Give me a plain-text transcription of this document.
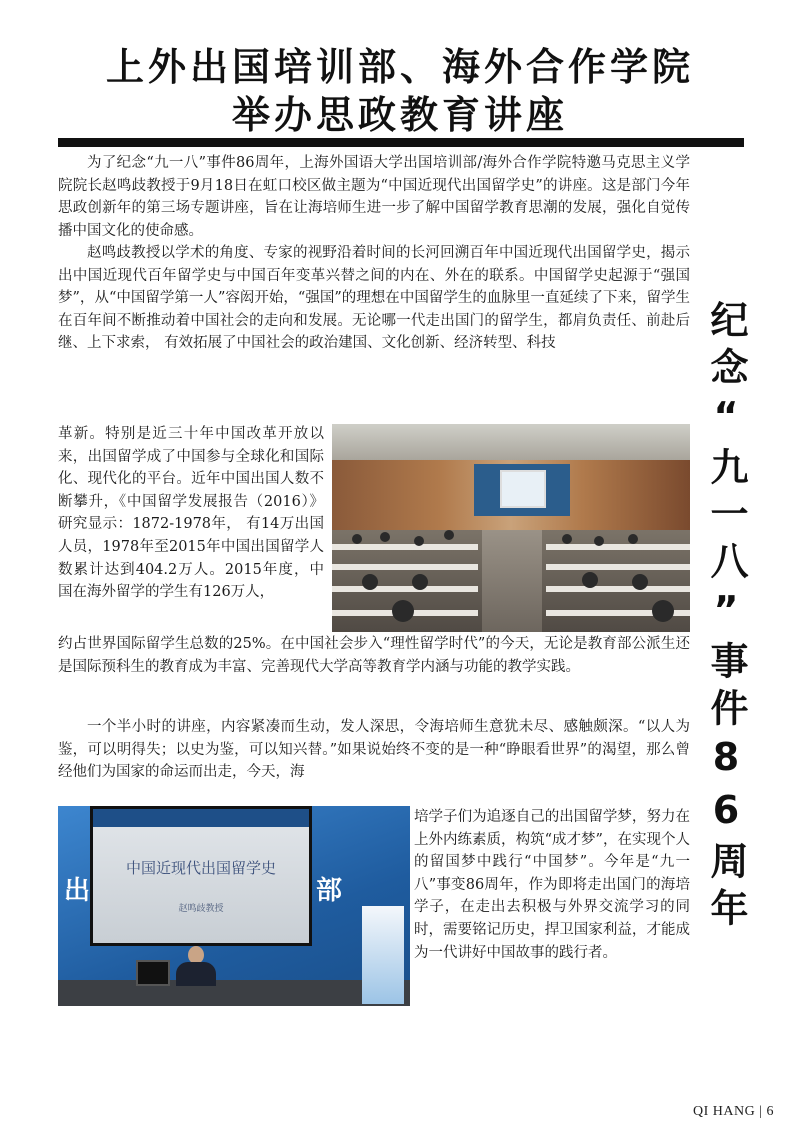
上外出国培训部、海外合作学院
举办思政教育讲座

为了纪念“九一八”事件86周年，上海外国语大学出国培训部/海外合作学院特邀马克思主义学院院长赵鸣歧教授于9月18日在虹口校区做主题为“中国近现代出国留学史”的讲座。这是部门今年思政创新年的第三场专题讲座，旨在让海培师生进一步了解中国留学教育思潮的发展，强化自觉传播中国文化的使命感。

赵鸣歧教授以学术的角度、专家的视野沿着时间的长河回溯百年中国近现代出国留学史，揭示出中国近现代百年留学史与中国百年变革兴替之间的内在、外在的联系。中国留学史起源于“强国梦”，从“中国留学第一人”容闳开始，“强国”的理想在中国留学生的血脉里一直延续了下来，留学生在百年间不断推动着中国社会的走向和发展。无论哪一代走出国门的留学生，都肩负责任、前赴后继、上下求索， 有效拓展了中国社会的政治建国、文化创新、经济转型、科技

革新。特别是近三十年中国改革开放以来，出国留学成了中国参与全球化和国际化、现代化的平台。近年中国出国人数不断攀升，《中国留学发展报告（2016）》研究显示：1872-1978年， 有14万出国人员，1978年至2015年中国出国留学人数累计达到404.2万人。2015年度，中国在海外留学的学生有126万人，

约占世界国际留学生总数的25%。在中国社会步入“理性留学时代”的今天，无论是教育部公派生还是国际预科生的教育成为丰富、完善现代大学高等教育学内涵与功能的教学实践。

一个半小时的讲座，内容紧凑而生动，发人深思，令海培师生意犹未尽、感触颇深。“以人为鉴，可以明得失；以史为鉴，可以知兴替。”如果说始终不变的是一种“睁眼看世界”的渴望，那么曾经他们为国家的命运而出走，今天，海

培学子们为追逐自己的出国留学梦，努力在上外内练素质，构筑“成才梦”，在实现个人的留国梦中践行“中国梦”。今年是“九一八”事变86周年，作为即将走出国门的海培学子，在走出去积极与外界交流学习的同时，需要铭记历史，捍卫国家利益，才能成为一代讲好中国故事的践行者。

出	部
中国近现代出国留学史
赵鸣歧教授	纪念“九一八”事件86周年
QI HANG | 6
